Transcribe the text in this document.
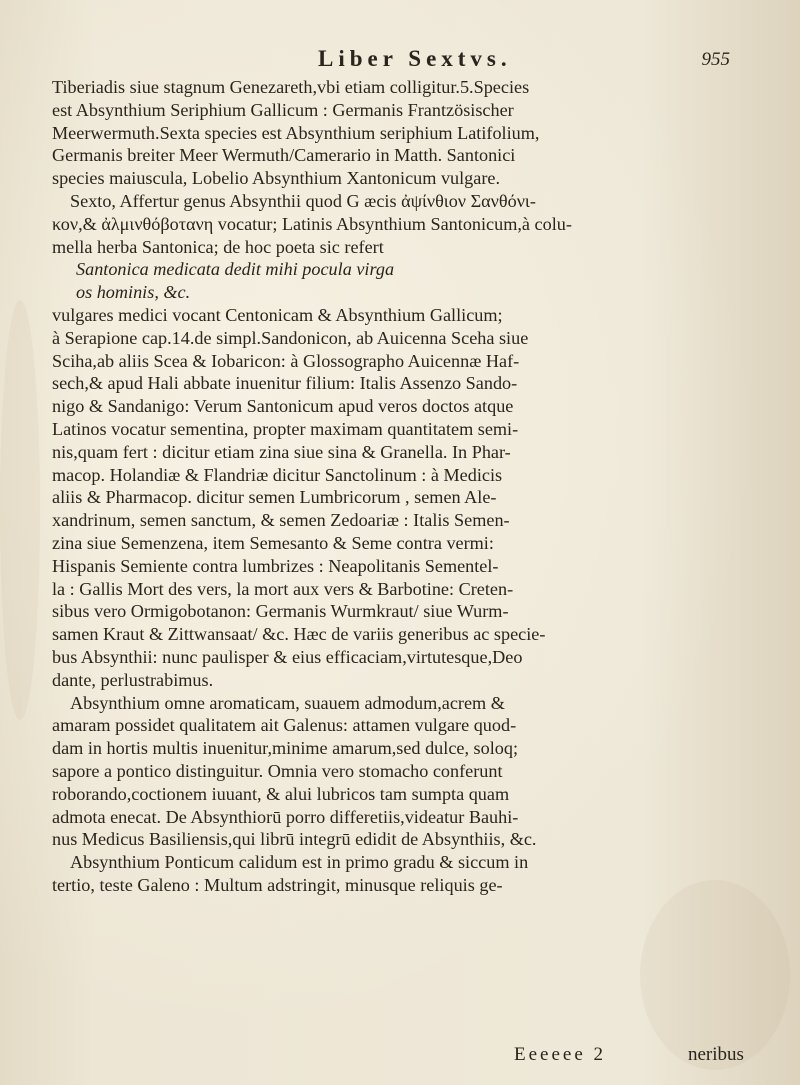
Liber Sextvs.	955
Tiberiadis siue stagnum Genezareth,vbi etiam colligitur.5.Species
est Absynthium Seriphium Gallicum : Germanis Frantzösischer
Meerwermuth.Sexta species est Absynthium seriphium Latifolium,
Germanis breiter Meer Wermuth/Camerario in Matth. Santonici
species maiuscula, Lobelio Absynthium Xantonicum vulgare.
Sexto, Affertur genus Absynthii quod G æcis ἀψίνθιον Σανθόνι-
κον,& ἀλμινθόβοτανη vocatur; Latinis Absynthium Santonicum,à colu-
mella herba Santonica; de hoc poeta sic refert
Santonica medicata dedit mihi pocula virga
os hominis, &c.
vulgares medici vocant Centonicam & Absynthium Gallicum;
à Serapione cap.14.de simpl.Sandonicon, ab Auicenna Sceha siue
Sciha,ab aliis Scea & Iobaricon: à Glossographo Auicennæ Haf-
sech,& apud Hali abbate inuenitur filium: Italis Assenzo Sando-
nigo & Sandanigo: Verum Santonicum apud veros doctos atque
Latinos vocatur sementina, propter maximam quantitatem semi-
nis,quam fert : dicitur etiam zina siue sina & Granella. In Phar-
macop. Holandiæ & Flandriæ dicitur Sanctolinum : à Medicis
aliis & Pharmacop. dicitur semen Lumbricorum , semen Ale-
xandrinum, semen sanctum, & semen Zedoariæ : Italis Semen-
zina siue Semenzena, item Semesanto & Seme contra vermi:
Hispanis Semiente contra lumbrizes : Neapolitanis Sementel-
la : Gallis Mort des vers, la mort aux vers & Barbotine: Creten-
sibus vero Ormigobotanon: Germanis Wurmkraut/ siue Wurm-
samen Kraut & Zittwansaat/ &c. Hæc de variis generibus ac specie-
bus Absynthii: nunc paulisper & eius efficaciam,virtutesque,Deo
dante, perlustrabimus.
Absynthium omne aromaticam, suauem admodum,acrem &
amaram possidet qualitatem ait Galenus: attamen vulgare quod-
dam in hortis multis inuenitur,minime amarum,sed dulce, soloq;
sapore a pontico distinguitur. Omnia vero stomacho conferunt
roborando,coctionem iuuant, & alui lubricos tam sumpta quam
admota enecat. De Absynthiorū porro differetiis,videatur Bauhi-
nus Medicus Basiliensis,qui librū integrū edidit de Absynthiis, &c.
Absynthium Ponticum calidum est in primo gradu & siccum in
tertio, teste Galeno : Multum adstringit, minusque reliquis ge-
Eeeeee 2	neribus
